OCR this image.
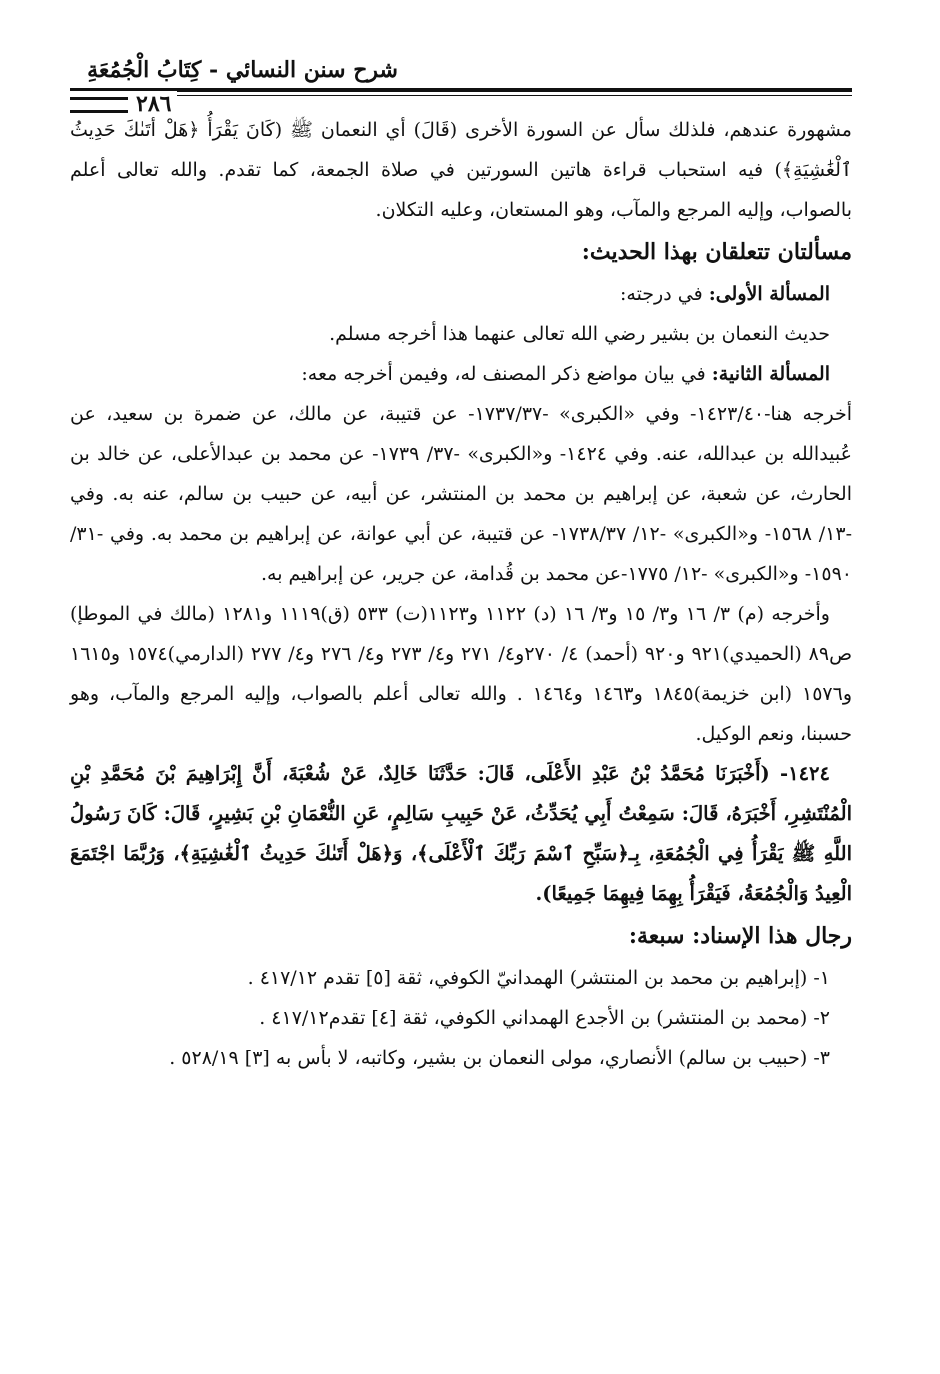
شرح سنن النسائي - كِتَابُ الْجُمُعَةِ
٢٨٦

مشهورة عندهم، فلذلك سأل عن السورة الأخرى (قَالَ) أي النعمان ﷺ (كَانَ يَقْرَأُ ﴿هَلْ أَتَىٰكَ حَدِيثُ ٱلْغَٰشِيَةِ﴾) فيه استحباب قراءة هاتين السورتين في صلاة الجمعة، كما تقدم. والله تعالى أعلم بالصواب، وإليه المرجع والمآب، وهو المستعان، وعليه التكلان.

مسألتان تتعلقان بهذا الحديث:

المسألة الأولى: في درجته:

حديث النعمان بن بشير رضي الله تعالى عنهما هذا أخرجه مسلم.

المسألة الثانية: في بيان مواضع ذكر المصنف له، وفيمن أخرجه معه:

أخرجه هنا-١٤٢٣/٤٠- وفي «الكبرى» -١٧٣٧/٣٧- عن قتيبة، عن مالك، عن ضمرة بن سعيد، عن عُبيدالله بن عبدالله، عنه. وفي ١٤٢٤- و«الكبرى» -٣٧/ ١٧٣٩- عن محمد بن عبدالأعلى، عن خالد بن الحارث، عن شعبة، عن إبراهيم بن محمد بن المنتشر، عن أبيه، عن حبيب بن سالم، عنه به. وفي -١٣/ ١٥٦٨- و«الكبرى» -١٢/ ١٧٣٨/٣٧- عن قتيبة، عن أبي عوانة، عن إبراهيم بن محمد به. وفي -٣١/ ١٥٩٠- و«الكبرى» -١٢/ ١٧٧٥-عن محمد بن قُدامة، عن جرير، عن إبراهيم به.

وأخرجه (م) ٣/ ١٦ و٣/ ١٥ و٣/ ١٦ (د) ١١٢٢ و١١٢٣(ت) ٥٣٣ (ق)١١١٩ و١٢٨١ (مالك في الموطإ) ص٨٩ (الحميدي)٩٢١ و٩٢٠ (أحمد) ٤/ ٢٧٠و٤/ ٢٧١ و٤/ ٢٧٣ و٤/ ٢٧٦ و٤/ ٢٧٧ (الدارمي)١٥٧٤ و١٦١٥ و١٥٧٦ (ابن خزيمة)١٨٤٥ و١٤٦٣ و١٤٦٤ . والله تعالى أعلم بالصواب، وإليه المرجع والمآب، وهو حسبنا، ونعم الوكيل.

١٤٢٤- (أَخْبَرَنَا مُحَمَّدُ بْنُ عَبْدِ الأَعْلَى، قَالَ: حَدَّثَنَا خَالِدٌ، عَنْ شُعْبَةَ، أَنَّ إِبْرَاهِيمَ بْنَ مُحَمَّدِ بْنِ الْمُنْتَشِرِ، أَخْبَرَهُ، قَالَ: سَمِعْتُ أَبِي يُحَدِّثُ، عَنْ حَبِيبِ سَالِمٍ، عَنِ النُّعْمَانِ بْنِ بَشِيرٍ، قَالَ: كَانَ رَسُولُ اللَّهِ ﷺ يَقْرَأُ فِي الْجُمُعَةِ، بِـ﴿سَبِّحِ ٱسْمَ رَبِّكَ ٱلْأَعْلَى﴾، وَ﴿هَلْ أَتَىٰكَ حَدِيثُ ٱلْغَٰشِيَةِ﴾، وَرُبَّمَا اجْتَمَعَ الْعِيدُ وَالْجُمُعَةُ، فَيَقْرَأُ بِهِمَا فِيهِمَا جَمِيعًا).

رجال هذا الإسناد: سبعة:

١- (إبراهيم بن محمد بن المنتشر) الهمدانيّ الكوفي، ثقة [٥] تقدم ٤١٧/١٢ .

٢- (محمد بن المنتشر) بن الأجدع الهمداني الكوفي، ثقة [٤] تقدم٤١٧/١٢ .

٣- (حبيب بن سالم) الأنصاري، مولى النعمان بن بشير، وكاتبه، لا بأس به [٣] ٥٢٨/١٩ .
